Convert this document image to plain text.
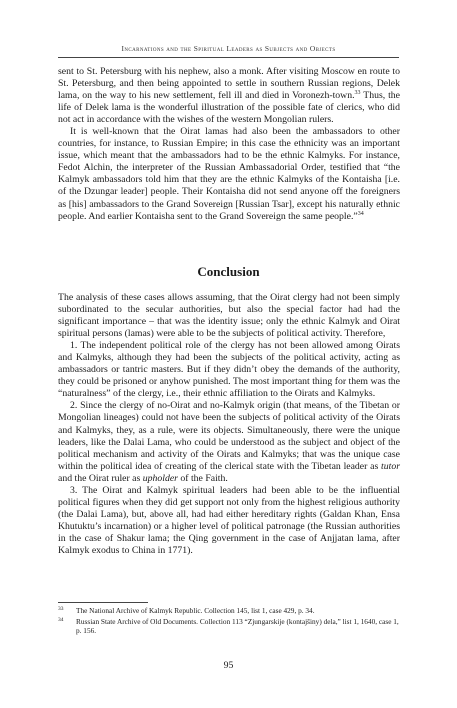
Incarnations and the Spiritual Leaders as Subjects and Objects

sent to St. Petersburg with his nephew, also a monk. After visiting Moscow en route to St. Petersburg, and then being appointed to settle in southern Russian regions, Delek lama, on the way to his new settlement, fell ill and died in Voronezh-town.$^{33}$ Thus, the life of Delek lama is the wonderful illustration of the possible fate of clerics, who did not act in accordance with the wishes of the western Mongolian rulers.

It is well-known that the Oirat lamas had also been the ambassadors to other countries, for instance, to Russian Empire; in this case the ethnicity was an important issue, which meant that the ambassadors had to be the ethnic Kalmyks. For instance, Fedot Alchin, the interpreter of the Russian Ambassadorial Order, testified that “the Kalmyk ambassadors told him that they are the ethnic Kalmyks of the Kontaisha [i.e. of the Dzungar leader] people. Their Kontaisha did not send anyone off the foreigners as [his] ambassadors to the Grand Sovereign [Russian Tsar], except his naturally ethnic people. And earlier Kontaisha sent to the Grand Sovereign the same people.”$^{34}$

Conclusion

The analysis of these cases allows assuming, that the Oirat clergy had not been simply subordinated to the secular authorities, but also the special factor had had the significant importance – that was the identity issue; only the ethnic Kalmyk and Oirat spiritual persons (lamas) were able to be the subjects of political activity. Therefore,

1. The independent political role of the clergy has not been allowed among Oirats and Kalmyks, although they had been the subjects of the political activity, acting as ambassadors or tantric masters. But if they didn’t obey the demands of the authority, they could be prisoned or anyhow punished. The most important thing for them was the “naturalness” of the clergy, i.e., their ethnic affiliation to the Oirats and Kalmyks.

2. Since the clergy of no-Oirat and no-Kalmyk origin (that means, of the Tibetan or Mongolian lineages) could not have been the subjects of political activity of the Oirats and Kalmyks, they, as a rule, were its objects. Simultaneously, there were the unique leaders, like the Dalai Lama, who could be understood as the subject and object of the political mechanism and activity of the Oirats and Kalmyks; that was the unique case within the political idea of creating of the clerical state with the Tibetan leader as tutor and the Oirat ruler as upholder of the Faith.

3. The Oirat and Kalmyk spiritual leaders had been able to be the influential political figures when they did get support not only from the highest religious authority (the Dalai Lama), but, above all, had had either hereditary rights (Galdan Khan, Ensa Khutuktu’s incarnation) or a higher level of political patronage (the Russian authorities in the case of Shakur lama; the Qing government in the case of Anjjatan lama, after Kalmyk exodus to China in 1771).

33 The National Archive of Kalmyk Republic. Collection 145, list 1, case 429, p. 34.
34 Russian State Archive of Old Documents. Collection 113 “Zjungarskije (kontajšiny) dela,” list 1, 1640, case 1, p. 156.
95
